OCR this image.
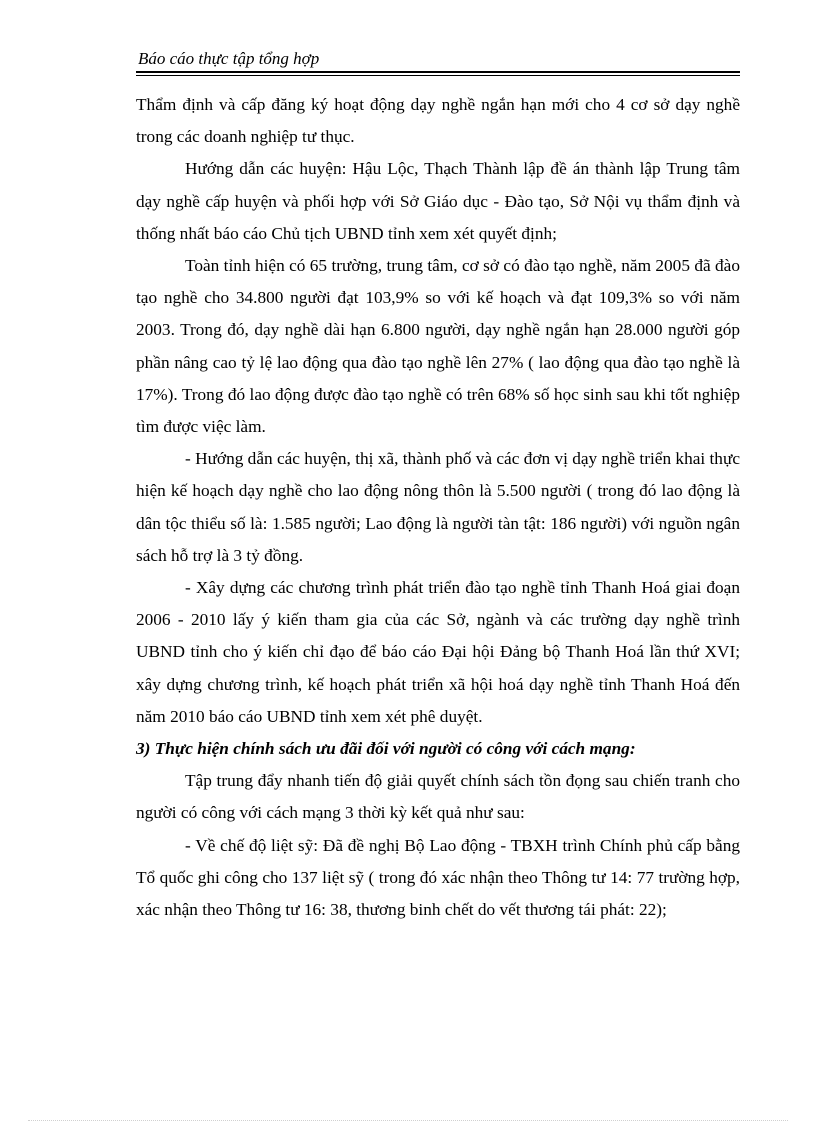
Báo cáo thực tập tổng hợp

Thẩm định và cấp đăng ký hoạt động dạy nghề ngắn hạn mới cho 4 cơ sở dạy nghề trong các doanh nghiệp tư thục.

Hướng dẫn các huyện: Hậu Lộc, Thạch Thành lập đề án thành lập Trung tâm dạy nghề cấp huyện và phối hợp với Sở Giáo dục - Đào tạo, Sở Nội vụ thẩm định và thống nhất báo cáo Chủ tịch UBND tỉnh xem xét quyết định;

Toàn tỉnh hiện có 65 trường, trung tâm, cơ sở có đào tạo nghề, năm 2005 đã đào tạo nghề cho 34.800 người đạt 103,9% so với kế hoạch và đạt 109,3% so với năm 2003. Trong đó, dạy nghề dài hạn 6.800 người, dạy nghề ngắn hạn 28.000 người góp phần nâng cao tỷ lệ lao động qua đào tạo nghề lên 27% ( lao động qua đào tạo nghề là 17%). Trong đó lao động được đào tạo nghề có trên 68% số học sinh sau khi tốt nghiệp tìm được việc làm.

- Hướng dẫn các huyện, thị xã, thành phố và các đơn vị dạy nghề triển khai thực hiện kế hoạch dạy nghề cho lao động nông thôn là 5.500 người ( trong đó lao động là dân tộc thiểu số là: 1.585 người; Lao động là người tàn tật: 186 người) với nguồn ngân sách hỗ trợ là 3 tỷ đồng.

- Xây dựng các chương trình phát triển đào tạo nghề tỉnh Thanh Hoá giai đoạn 2006 - 2010 lấy ý kiến tham gia của các Sở, ngành và các trường dạy nghề trình UBND tỉnh cho ý kiến chỉ đạo để báo cáo Đại hội Đảng bộ Thanh Hoá lần thứ XVI; xây dựng chương trình, kế hoạch phát triển xã hội hoá dạy nghề tỉnh Thanh Hoá đến năm 2010 báo cáo UBND tỉnh xem xét phê duyệt.

3) Thực hiện chính sách ưu đãi đối với người có công với cách mạng:

Tập trung đẩy nhanh tiến độ giải quyết chính sách tồn đọng sau chiến tranh cho người có công với cách mạng 3 thời kỳ kết quả như sau:

- Về chế độ liệt sỹ: Đã đề nghị Bộ Lao động - TBXH trình Chính phủ cấp bằng Tổ quốc ghi công cho 137 liệt sỹ ( trong đó xác nhận theo Thông tư 14: 77 trường hợp, xác nhận theo Thông tư 16: 38, thương binh chết do vết thương tái phát: 22);
